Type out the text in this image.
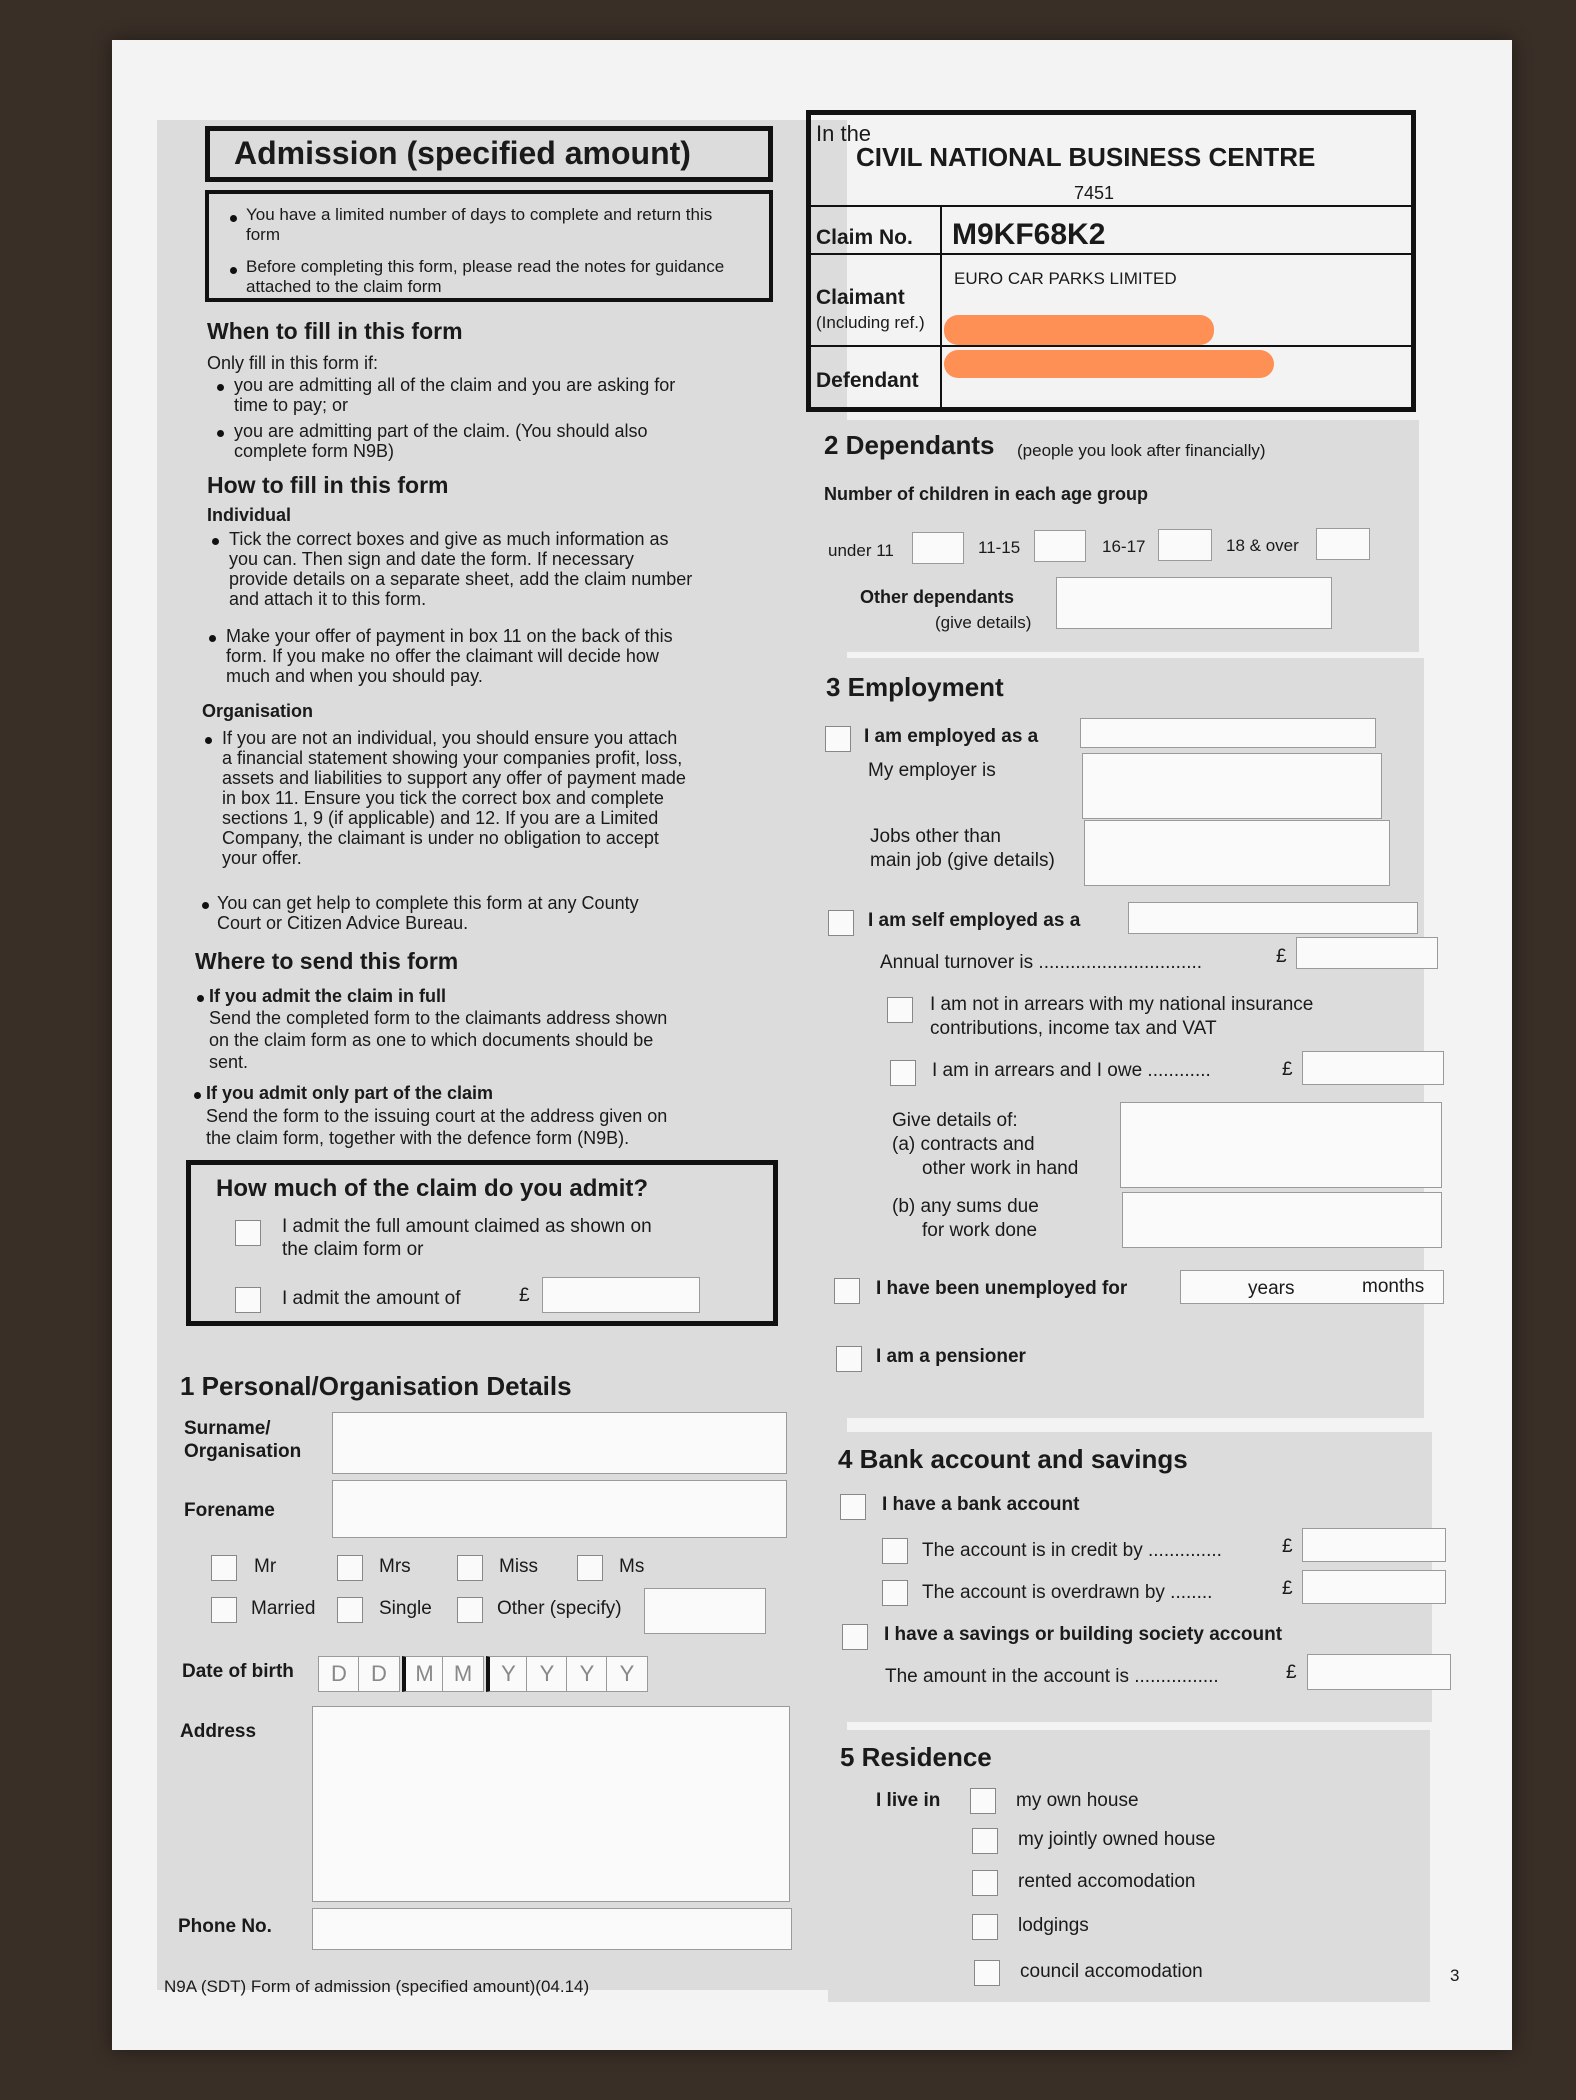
Admission (specified amount)
You have a limited number of days to complete and return this
form
Before completing this form, please read the notes for guidance
attached to the claim form
When to fill in this form
Only fill in this form if:
you are admitting all of the claim and you are asking for
time to pay; or
you are admitting part of the claim. (You should also
complete form N9B)
How to fill in this form
Individual
Tick the correct boxes and give as much information as
you can. Then sign and date the form. If necessary
provide details on a separate sheet, add the claim number
and attach it to this form.
Make your offer of payment in box 11 on the back of this
form. If you make no offer the claimant will decide how
much and when you should pay.
Organisation
If you are not an individual, you should ensure you attach
a financial statement showing your companies profit, loss,
assets and liabilities to support any offer of payment made
in box 11. Ensure you tick the correct box and complete
sections 1, 9 (if applicable) and 12. If you are a Limited
Company, the claimant is under no obligation to accept
your offer.
You can get help to complete this form at any County
Court or Citizen Advice Bureau.
Where to send this form
If you admit the claim in full
Send the completed form to the claimants address shown
on the claim form as one to which documents should be
sent.
If you admit only part of the claim
Send the form to the issuing court at the address given on
the claim form, together with the defence form (N9B).
How much of the claim do you admit?
I admit the full amount claimed as shown on
the claim form or
I admit the amount of	£
1 Personal/Organisation Details
Surname/
Organisation
Forename
Mr	Mrs	Miss	Ms
Married	Single	Other (specify)
Date of birth	D	D	M M	Y	Y	Y	Y
Address
Phone No.
N9A (SDT) Form of admission (specified amount)(04.14)
3
In the
CIVIL NATIONAL BUSINESS CENTRE
7451
Claim No. M9KF68K2
Claimant
(Including ref.)
EURO CAR PARKS LIMITED
Defendant
2 Dependants (people you look after financially)
Number of children in each age group
under 11	11-15	16-17	18 & over
Other dependants
(give details)
3 Employment
I am employed as a
My employer is
Jobs other than
main job (give details)
I am self employed as a
Annual turnover is ...............................	£
I am not in arrears with my national insurance
contributions, income tax and VAT
I am in arrears and I owe ............	£
Give details of:
(a) contracts and
other work in hand
(b) any sums due
for work done
I have been unemployed for	years	months
I am a pensioner
4 Bank account and savings
I have a bank account
The account is in credit by ..............	£
The account is overdrawn by ........	£
I have a savings or building society account
The amount in the account is ................	£
5 Residence
I live in	my own house
my jointly owned house
rented accomodation
lodgings
council accomodation
